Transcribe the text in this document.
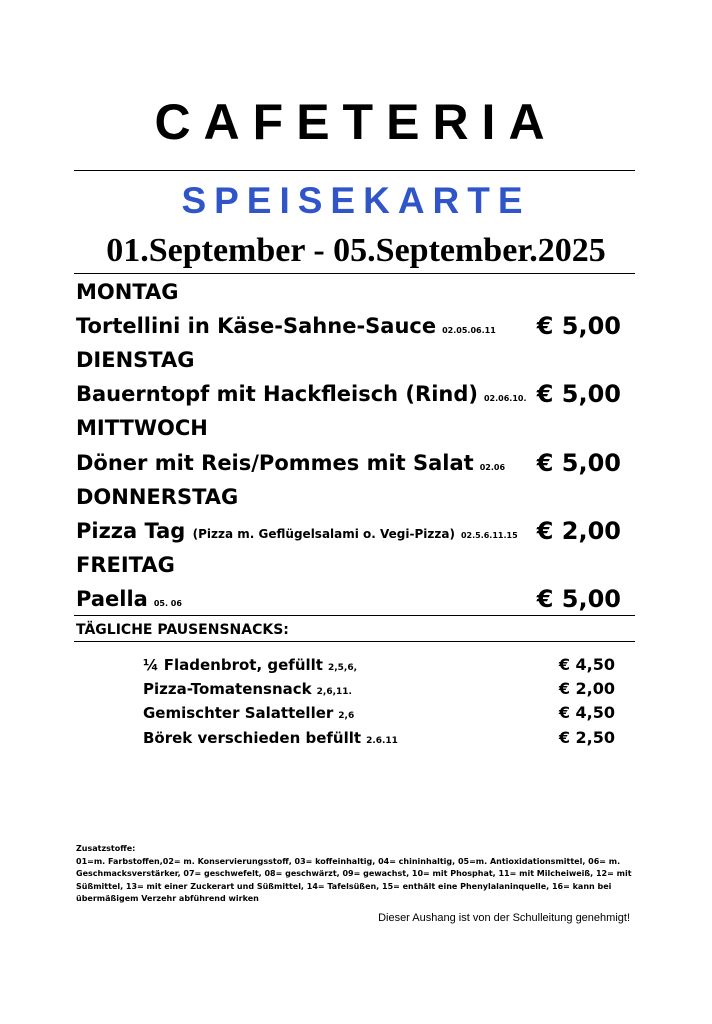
CAFETERIA
SPEISEKARTE
01.September - 05.September.2025
MONTAG
Tortellini in Käse-Sahne-Sauce 02.05.06.11 € 5,00
DIENSTAG
Bauerntopf mit Hackfleisch (Rind) 02.06.10. € 5,00
MITTWOCH
Döner mit Reis/Pommes mit Salat 02.06 € 5,00
DONNERSTAG
Pizza Tag (Pizza m. Geflügelsalami o. Vegi-Pizza) 02.5.6.11.15 € 2,00
FREITAG
Paella 05. 06	€ 5,00
TÄGLICHE PAUSENSNACKS:
¼ Fladenbrot, gefüllt 2,5,6,	€ 4,50
Pizza-Tomatensnack 2,6,11.	€ 2,00
Gemischter Salatteller 2,6	€ 4,50
Börek verschieden befüllt 2.6.11	€ 2,50
Zusatzstoffe:
01=m. Farbstoffen,02= m. Konservierungsstoff, 03= koffeinhaltig, 04= chininhaltig, 05=m. Antioxidationsmittel, 06= m. Geschmacksverstärker, 07= geschwefelt, 08= geschwärzt, 09= gewachst, 10= mit Phosphat, 11= mit Milcheiweiß, 12= mit Süßmittel, 13= mit einer Zuckerart und Süßmittel, 14= Tafelsüßen, 15= enthält eine Phenylalaninquelle, 16= kann bei übermäßigem Verzehr abführend wirken
Dieser Aushang ist von der Schulleitung genehmigt!
